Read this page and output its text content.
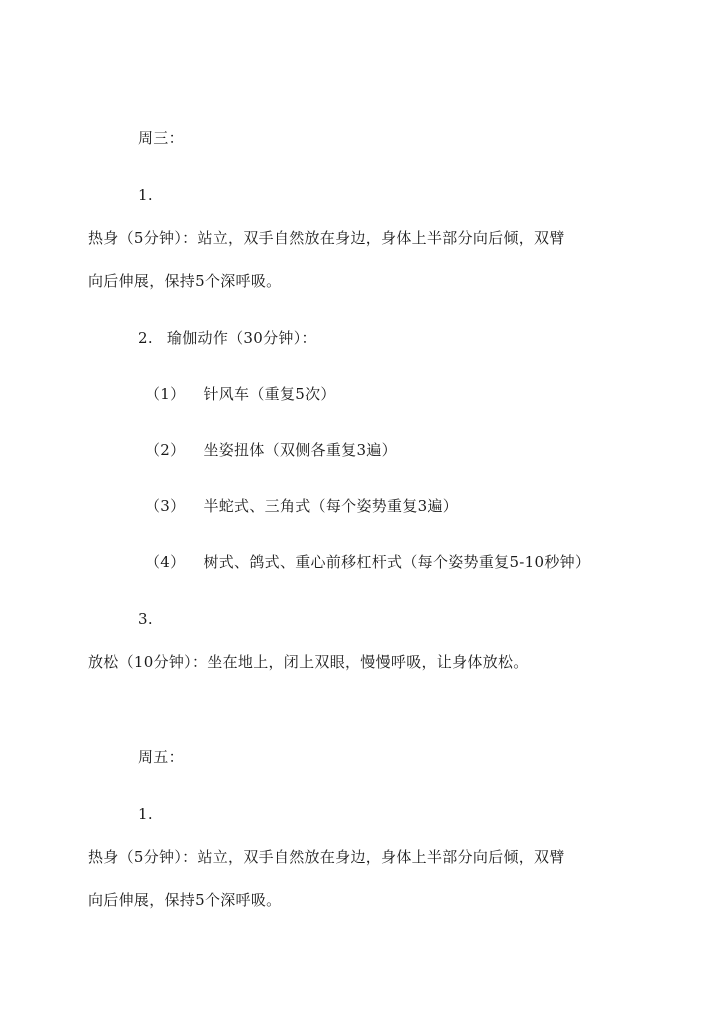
周三：
1.
热身（5分钟）：站立，双手自然放在身边，身体上半部分向后倾，双臂
向后伸展，保持5个深呼吸。
2. 瑜伽动作（30分钟）：
（1） 针风车（重复5次）
（2） 坐姿扭体（双侧各重复3遍）
（3） 半蛇式、三角式（每个姿势重复3遍）
（4） 树式、鸽式、重心前移杠杆式（每个姿势重复5-10秒钟）
3.
放松（10分钟）：坐在地上，闭上双眼，慢慢呼吸，让身体放松。
周五：
1.
热身（5分钟）：站立，双手自然放在身边，身体上半部分向后倾，双臂
向后伸展，保持5个深呼吸。
